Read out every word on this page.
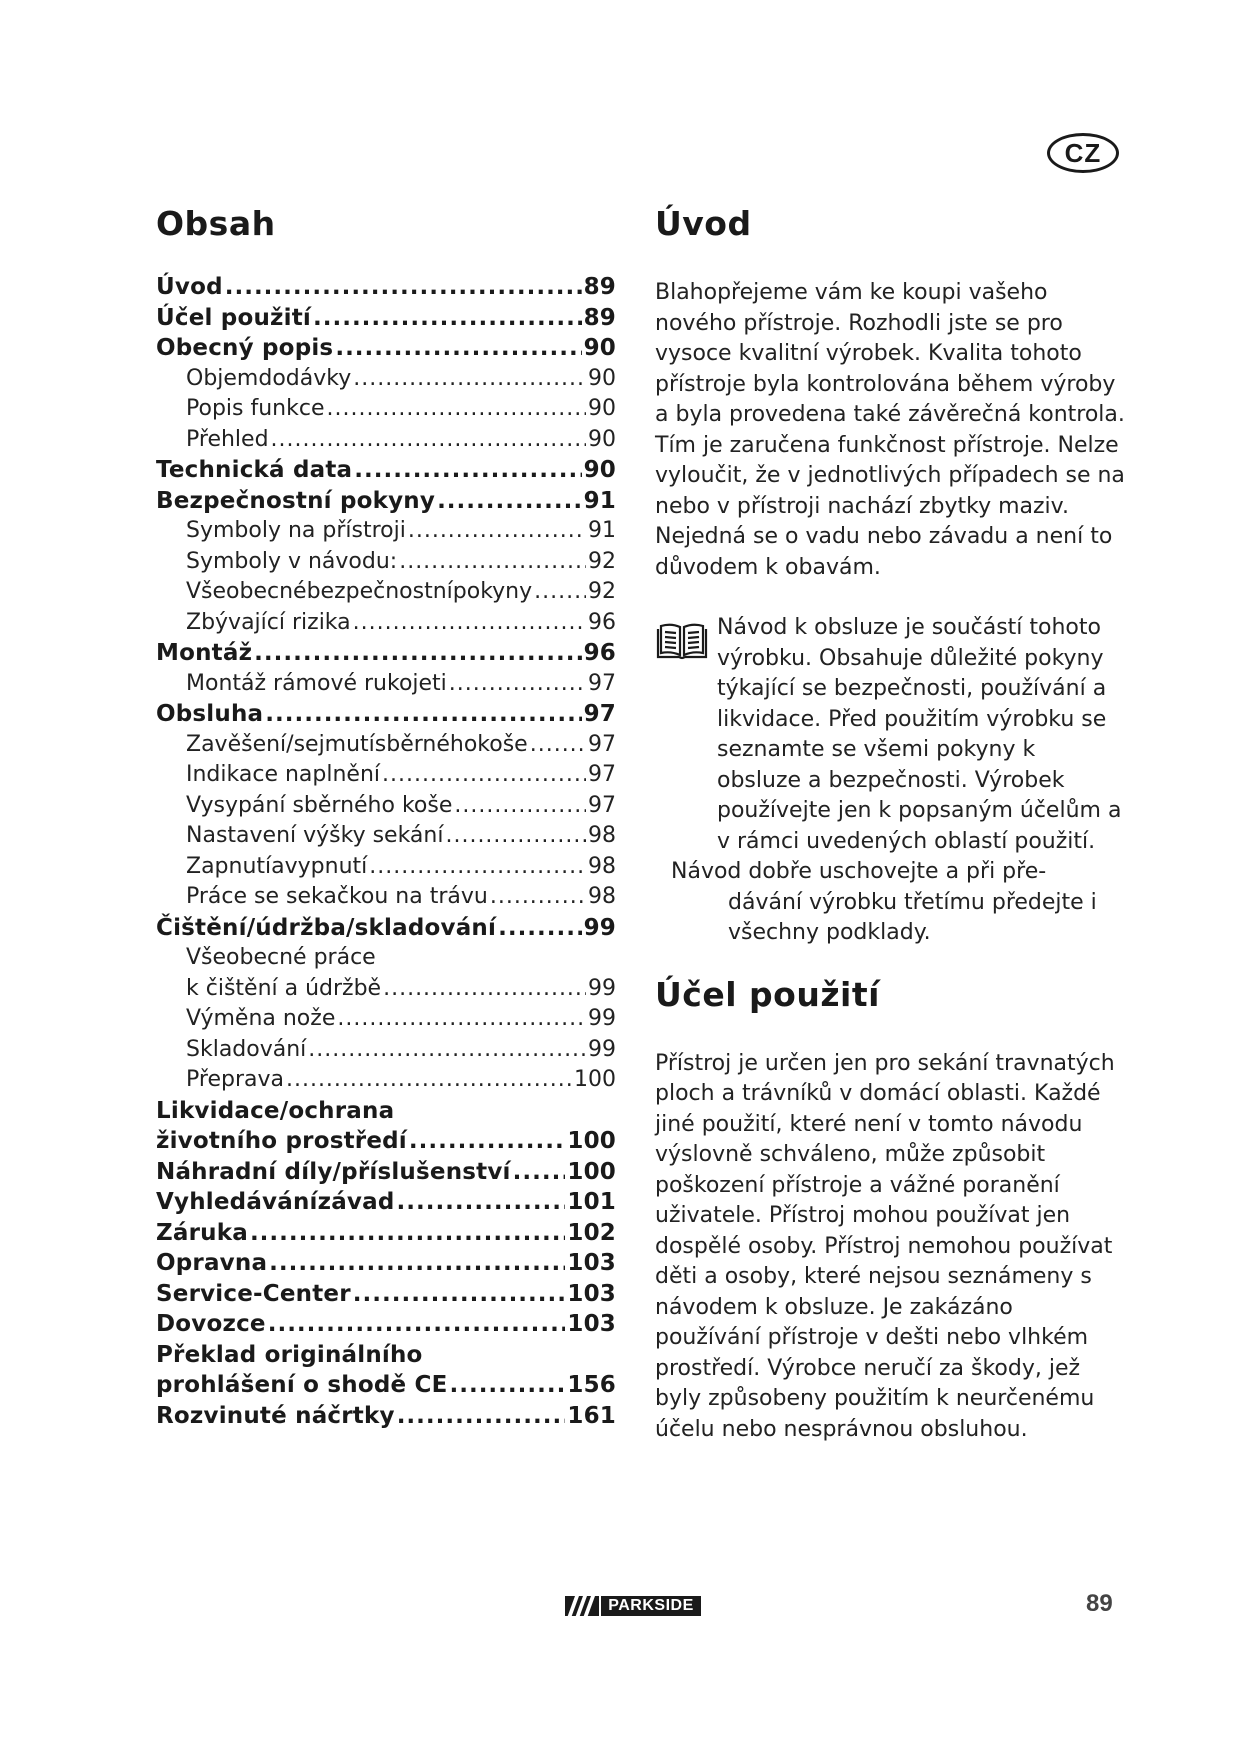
CZ
Obsah
Úvod .....	89
Účel použití .....	89
Obecný popis .....	90
Objemdodávky .....	90
Popis funkce .....	90
Přehled .....	90
Technická data .....	90
Bezpečnostní pokyny .....	91
Symboly na přístroji .....	91
Symboly v návodu: .....	92
Všeobecnébezpečnostnípokyny .....	92
Zbývající rizika .....	96
Montáž .....	96
Montáž rámové rukojeti .....	97
Obsluha .....	97
Zavěšení/sejmutísběrnéhokoše .....	97
Indikace naplnění .....	97
Vysypání sběrného koše .....	97
Nastavení výšky sekání .....	98
Zapnutíavypnutí .....	98
Práce se sekačkou na trávu .....	98
Čištění/údržba/skladování .....	99
Všeobecné práce
k čištění a údržbě .....	99
Výměna nože .....	99
Skladování .....	99
Přeprava .....	100
Likvidace/ochrana
životního prostředí .....	100
Náhradní díly/příslušenství ..... 100
Vyhledávánízávad .....	101
Záruka .....	102
Opravna .....	103
Service-Center .....	103
Dovozce .....	103
Překlad originálního
prohlášení o shodě CE .....	156
Rozvinuté náčrtky .....	161
Úvod

Blahopřejeme vám ke koupi vašeho nového přístroje. Rozhodli jste se pro vysoce kvalitní výrobek. Kvalita tohoto přístroje byla kontrolována během výroby a byla provedena také závěrečná kontrola. Tím je zaručena funkčnost přístroje. Nelze vyloučit, že v jednotlivých případech se na nebo v přístroji nachází zbytky maziv. Nejedná se o vadu nebo závadu a není to důvodem k obavám.

Návod k obsluze je součástí tohoto výrobku. Obsahuje důležité pokyny týkající se bezpečnosti, používání a likvidace. Před použitím výrobku se seznamte se všemi pokyny k obsluze a bezpečnosti. Výrobek používejte jen k popsaným účelům a v rámci uvedených oblastí použití.
Návod dobře uschovejte a při pře-
dávání výrobku třetímu předejte i všechny podklady.
Účel použití

Přístroj je určen jen pro sekání travnatých ploch a trávníků v domácí oblasti. Každé jiné použití, které není v tomto návodu výslovně schváleno, může způsobit poškození přístroje a vážné poranění uživatele. Přístroj mohou používat jen dospělé osoby. Přístroj nemohou používat děti a osoby, které nejsou seznámeny s návodem k obsluze. Je zakázáno používání přístroje v dešti nebo vlhkém prostředí. Výrobce neručí za škody, jež byly způsobeny použitím k neurčenému účelu nebo nesprávnou obsluhou.

PARKSIDE	89
